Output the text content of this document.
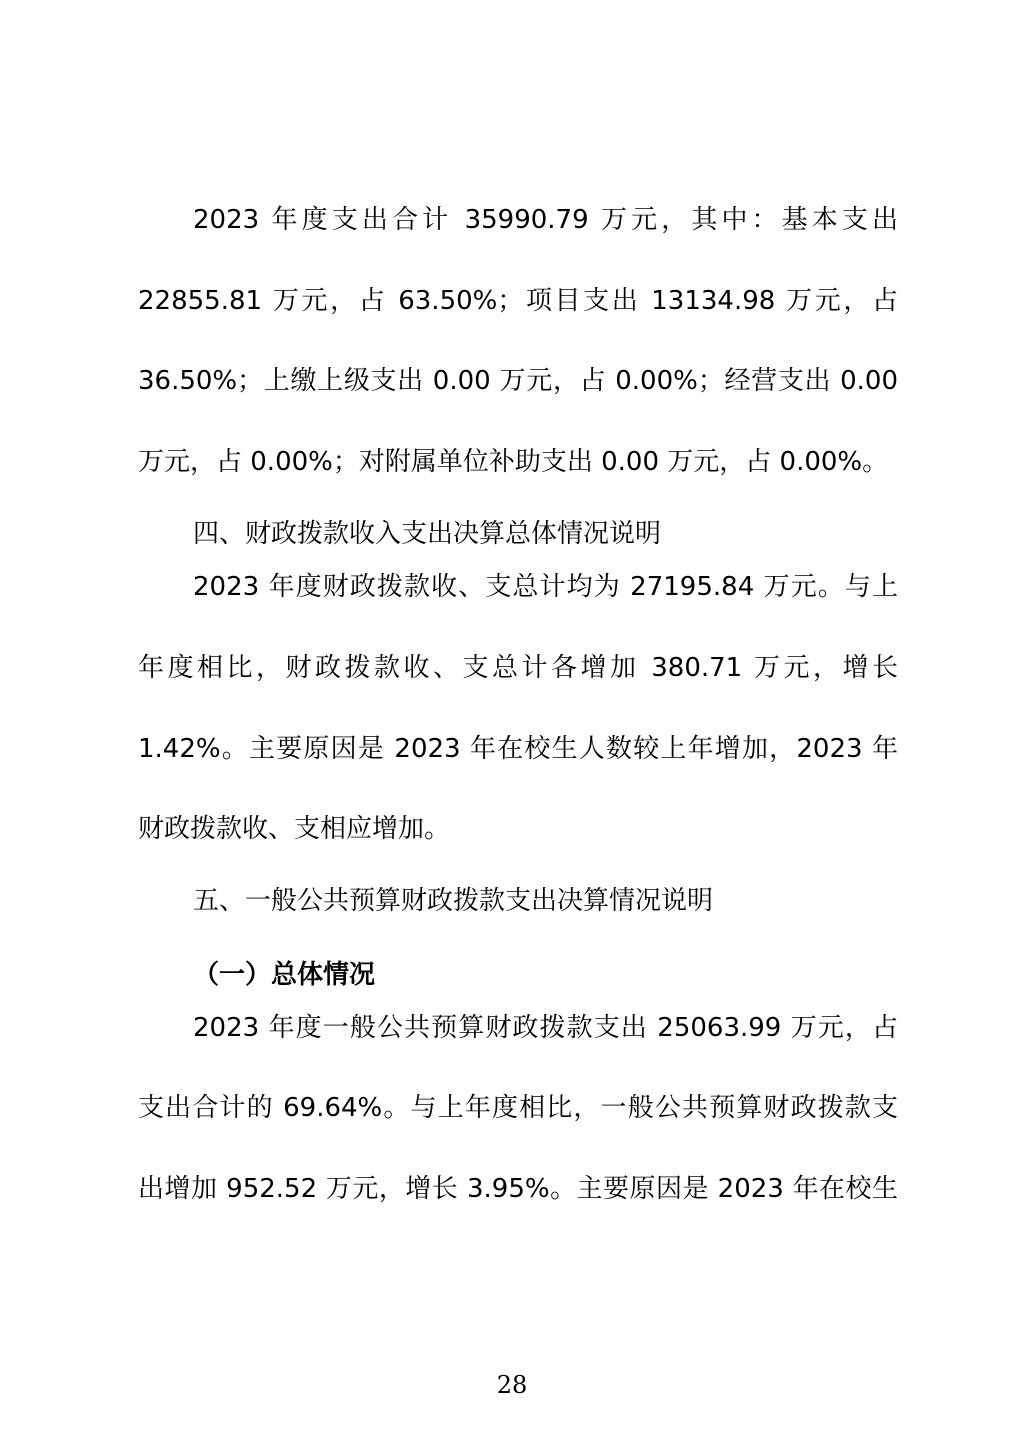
2023 年度支出合计 35990.79 万元，其中：基本支出
22855.81 万元，占 63.50%；项目支出 13134.98 万元，占
36.50%；上缴上级支出 0.00 万元，占 0.00%；经营支出 0.00
万元，占 0.00%；对附属单位补助支出 0.00 万元，占 0.00%。
四、财政拨款收入支出决算总体情况说明
2023 年度财政拨款收、支总计均为 27195.84 万元。与上
年度相比，财政拨款收、支总计各增加 380.71 万元，增长
1.42%。主要原因是 2023 年在校生人数较上年增加，2023 年
财政拨款收、支相应增加。
五、一般公共预算财政拨款支出决算情况说明
（一）总体情况
2023 年度一般公共预算财政拨款支出 25063.99 万元，占
支出合计的 69.64%。与上年度相比，一般公共预算财政拨款支
出增加 952.52 万元，增长 3.95%。主要原因是 2023 年在校生
28
